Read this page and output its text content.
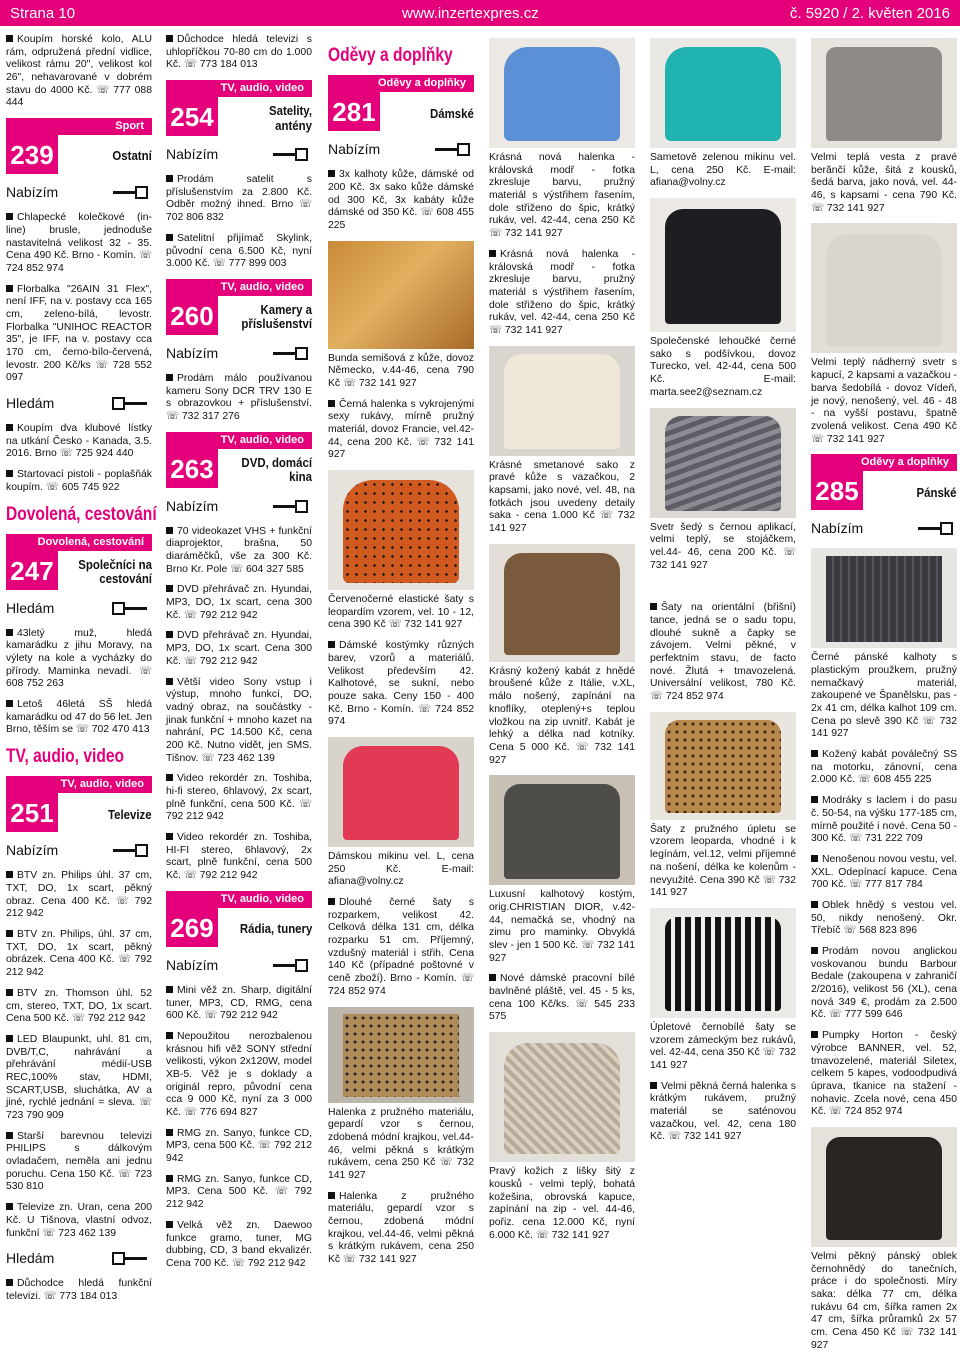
Strana 10	www.inzertexpres.cz	č. 5920 / 2. květen 2016

Koupím horské kolo, ALU rám, odpružená přední vidlice, velikost rámu 20", velikost kol 26", nehavarované v dobrém stavu do 4000 Kč. ☏ 777 088 444

Sport
239	Ostatní
Nabízím

Chlapecké kolečkové (in-line) brusle, jednoduše nastavitelná velikost 32 - 35. Cena 490 Kč. Brno - Komín. ☏ 724 852 974

Florbalka "26AIN 31 Flex", není IFF, na v. postavy cca 165 cm, zeleno-bílá, levostr. Florbalka "UNIHOC REACTOR 35", je IFF, na v. postavy cca 170 cm, černo-bílo-červená, levostr. 200 Kč/ks ☏ 728 552 097

Hledám

Koupím dva klubové lístky na utkání Česko - Kanada, 3.5. 2016. Brno ☏ 725 924 440

Startovací pistoli - poplašňák koupím. ☏ 605 745 922

Dovolená, cestování
Dovolená, cestování
247	Společníci na cestování
Hledám

43letý muž, hledá kamarádku z jihu Moravy, na výlety na kole a vycházky do přírody. Maminka nevadí. ☏ 608 752 263

Letoš 46letá SŠ hledá kamarádku od 47 do 56 let. Jen Brno, těším se ☏ 702 470 413

TV, audio, video
TV, audio, video
251	Televize
Nabízím

BTV zn. Philips úhl. 37 cm, TXT, DO, 1x scart, pěkný obraz. Cena 400 Kč. ☏ 792 212 942

BTV zn. Philips, úhl. 37 cm, TXT, DO, 1x scart, pěkný obrázek. Cena 400 Kč. ☏ 792 212 942

BTV zn. Thomson úhl. 52 cm, stereo, TXT, DO, 1x scart. Cena 500 Kč. ☏ 792 212 942

LED Blaupunkt, uhl. 81 cm, DVB/T,C, nahrávání a přehrávání médií-USB REC,100% stav, HDMI, SCART,USB, sluchátka, AV a jiné, rychlé jednání = sleva. ☏ 723 790 909

Starší barevnou televizi PHILIPS s dálkovým ovladačem, neměla ani jednu poruchu. Cena 150 Kč. ☏ 723 530 810

Televize zn. Uran, cena 200 Kč. U Tišnova, vlastní odvoz, funkční ☏ 723 462 139

Hledám

Důchodce hledá funkční televizi. ☏ 773 184 013

Důchodce hledá televizi s uhlopříčkou 70-80 cm do 1.000 Kč. ☏ 773 184 013

TV, audio, video
254	Satelity, antény
Nabízím

Prodám satelit s příslušenstvím za 2.800 Kč. Odběr možný ihned. Brno ☏ 702 806 832

Satelitní přijímač Skylink, původní cena 6.500 Kč, nyní 3.000 Kč. ☏ 777 899 003

TV, audio, video
260	Kamery a příslušenství
Nabízím

Prodám málo používanou kameru Sony DCR TRV 130 E s obrazovkou + příslušenství. ☏ 732 317 276

TV, audio, video
263	DVD, domácí kina
Nabízím

70 videokazet VHS + funkční diaprojektor, brašna, 50 diaráměčků, vše za 300 Kč. Brno Kr. Pole ☏ 604 327 585

DVD přehrávač zn. Hyundai, MP3, DO, 1x scart, cena 300 Kč. ☏ 792 212 942

DVD přehrávač zn. Hyundai, MP3, DO, 1x scart. Cena 300 Kč. ☏ 792 212 942

Větší video Sony vstup i výstup, mnoho funkcí, DO, vadný obraz, na součástky - jinak funkční + mnoho kazet na nahrání, PC 14.500 Kč, cena 200 Kč. Nutno vidět, jen SMS. Tišnov. ☏ 723 462 139

Video rekordér zn. Toshiba, hi-fi stereo, 6hlavový, 2x scart, plně funkční, cena 500 Kč. ☏ 792 212 942

Video rekordér zn. Toshiba, HI-FI stereo, 6hlavový, 2x scart, plně funkční, cena 500 Kč. ☏ 792 212 942

TV, audio, video
269	Rádia, tunery
Nabízím

Mini věž zn. Sharp, digitální tuner, MP3, CD, RMG, cena 600 Kč. ☏ 792 212 942

Nepoužitou nerozbalenou krásnou hifi věž SONY střední velikosti, výkon 2x120W, model XB-5. Věž je s doklady a originál repro, původní cena cca 9 000 Kč, nyní za 3 000 Kč. ☏ 776 694 827

RMG zn. Sanyo, funkce CD, MP3, cena 500 Kč. ☏ 792 212 942

RMG zn. Sanyo, funkce CD, MP3. Cena 500 Kč. ☏ 792 212 942

Velká věž zn. Daewoo funkce gramo, tuner, MG dubbing, CD, 3 band ekvalizér. Cena 700 Kč. ☏ 792 212 942

Oděvy a doplňky
Oděvy a doplňky
281	Dámské
Nabízím

3x kalhoty kůže, dámské od 200 Kč. 3x sako kůže dámské od 300 Kč, 3x kabáty kůže dámské od 350 Kč. ☏ 608 455 225

Bunda semišová z kůže, dovoz Německo, v.44-46, cena 790 Kč ☏ 732 141 927

Černá halenka s vykrojenými sexy rukávy, mírně pružný materiál, dovoz Francie, vel.42-44, cena 200 Kč. ☏ 732 141 927

Červenočerné elastické šaty s leopardím vzorem, vel. 10 - 12, cena 390 Kč ☏ 732 141 927

Dámské kostýmky různých barev, vzorů a materiálů. Velikost především 42. Kalhotové, se sukní, nebo pouze saka. Ceny 150 - 400 Kč. Brno - Komín. ☏ 724 852 974

Dámskou mikinu vel. L, cena 250 Kč. E-mail: afiana@volny.cz

Dlouhé černé šaty s rozparkem, velikost 42. Celková délka 131 cm, délka rozparku 51 cm. Příjemný, vzdušný materiál i střih. Cena 140 Kč (případné poštovné v ceně zboží). Brno - Komín. ☏ 724 852 974

Halenka z pružného materiálu, gepardí vzor s černou, zdobená módní krajkou, vel.44-46, velmi pěkná s krátkým rukávem, cena 250 Kč ☏ 732 141 927

Halenka z pružného materiálu, gepardí vzor s černou, zdobená módní krajkou, vel.44-46, velmi pěkná s krátkým rukávem, cena 250 Kč ☏ 732 141 927

Krásná nová halenka - královská modř - fotka zkresluje barvu, pružný materiál s výstřihem řasením, dole střiženo do špic, krátký rukáv, vel. 42-44, cena 250 Kč ☏ 732 141 927

Krásná nová halenka - královská modř - fotka zkresluje barvu, pružný materiál s výstřihem řasením, dole střiženo do špic, krátký rukáv, vel. 42-44, cena 250 Kč ☏ 732 141 927

Krásné smetanové sako z pravé kůže s vazačkou, 2 kapsami, jako nové, vel. 48, na fotkách jsou uvedeny detaily saka - cena 1.000 Kč ☏ 732 141 927

Krásný kožený kabát z hnědé broušené kůže z Itálie, v.XL, málo nošený, zapínání na knoflíky, oteplený+s teplou vložkou na zip uvnitř. Kabát je lehký a délka nad kotníky. Cena 5 000 Kč. ☏ 732 141 927

Luxusní kalhotový kostým, orig.CHRISTIAN DIOR, v.42-44, nemačká se, vhodný na zimu pro maminky. Obvyklá slev - jen 1 500 Kč. ☏ 732 141 927

Nové dámské pracovní bílé bavlněné pláště, vel. 45 - 5 ks, cena 100 Kč/ks. ☏ 545 233 575

Pravý kožich z lišky šitý z kousků - velmi teplý, bohatá kožešina, obrovská kapuce, zapínání na zip - vel. 44-46, pořiz. cena 12.000 Kč, nyní 6.000 Kč. ☏ 732 141 927

Sametově zelenou mikinu vel. L, cena 250 Kč. E-mail: afiana@volny.cz

Společenské lehoučké černé sako s podšívkou, dovoz Turecko, vel. 42-44, cena 500 Kč. E-mail: marta.see2@seznam.cz

Svetr šedý s černou aplikací, velmi teplý, se stojáčkem, vel.44- 46, cena 200 Kč. ☏ 732 141 927

Šaty na orientální (břišní) tance, jedná se o sadu topu, dlouhé sukně a čapky se závojem. Velmi pěkné, v perfektním stavu, de facto nové. Žlutá + tmavozelená. Universální velikost, 780 Kč. ☏ 724 852 974

Šaty z pružného úpletu se vzorem leoparda, vhodné i k legínám, vel.12, velmi příjemné na nošení, délka ke kolenům - nevyužité. Cena 390 Kč ☏ 732 141 927

Úpletové černobílé šaty se vzorem zámeckým bez rukávů, vel. 42-44, cena 350 Kč ☏ 732 141 927

Velmi pěkná černá halenka s krátkým rukávem, pružný materiál se saténovou vazačkou, vel. 42, cena 180 Kč. ☏ 732 141 927

Velmi teplá vesta z pravé berănčí kůže, šitá z kousků, šedá barva, jako nová, vel. 44-46, s kapsami - cena 790 Kč. ☏ 732 141 927

Velmi teplý nádherný svetr s kapucí, 2 kapsami a vazačkou - barva šedobílá - dovoz Vídeň, je nový, nenošený, vel. 46 - 48 - na vyšší postavu, špatně zvolená velikost. Cena 490 Kč ☏ 732 141 927

Oděvy a doplňky
285	Pánské
Nabízím

Černé pánské kalhoty s plastickým proužkem, pružný nemačkavý materiál, zakoupené ve Španělsku, pas - 2x 41 cm, délka kalhot 109 cm. Cena po slevě 390 Kč ☏ 732 141 927

Kožený kabát poválečný SS na motorku, zánovní, cena 2.000 Kč. ☏ 608 455 225

Modráky s laclem i do pasu č. 50-54, na výšku 177-185 cm, mírně použité i nové. Cena 50 - 300 Kč. ☏ 731 222 709

Nenošenou novou vestu, vel. XXL. Odepínací kapuce. Cena 700 Kč. ☏ 777 817 784

Oblek hnědý s vestou vel. 50, nikdy nenošený. Okr. Třebíč ☏ 568 823 896

Prodám novou anglickou voskovanou bundu Barbour Bedale (zakoupena v zahraničí 2/2016), velikost 56 (XL), cena nová 349 €, prodám za 2.500 Kč. ☏ 777 599 646

Pumpky Horton - český výrobce BANNER, vel. 52, tmavozelené, materiál Siletex, celkem 5 kapes, vodoodpudivá úprava, tkanice na stažení - nohavic. Zcela nové, cena 450 Kč. ☏ 724 852 974

Velmi pěkný pánský oblek černohnědý do tanečních, práce i do společnosti. Míry saka: délka 77 cm, délka rukávu 64 cm, šířka ramen 2x 47 cm, šířka průramků 2x 57 cm. Cena 450 Kč ☏ 732 141 927
